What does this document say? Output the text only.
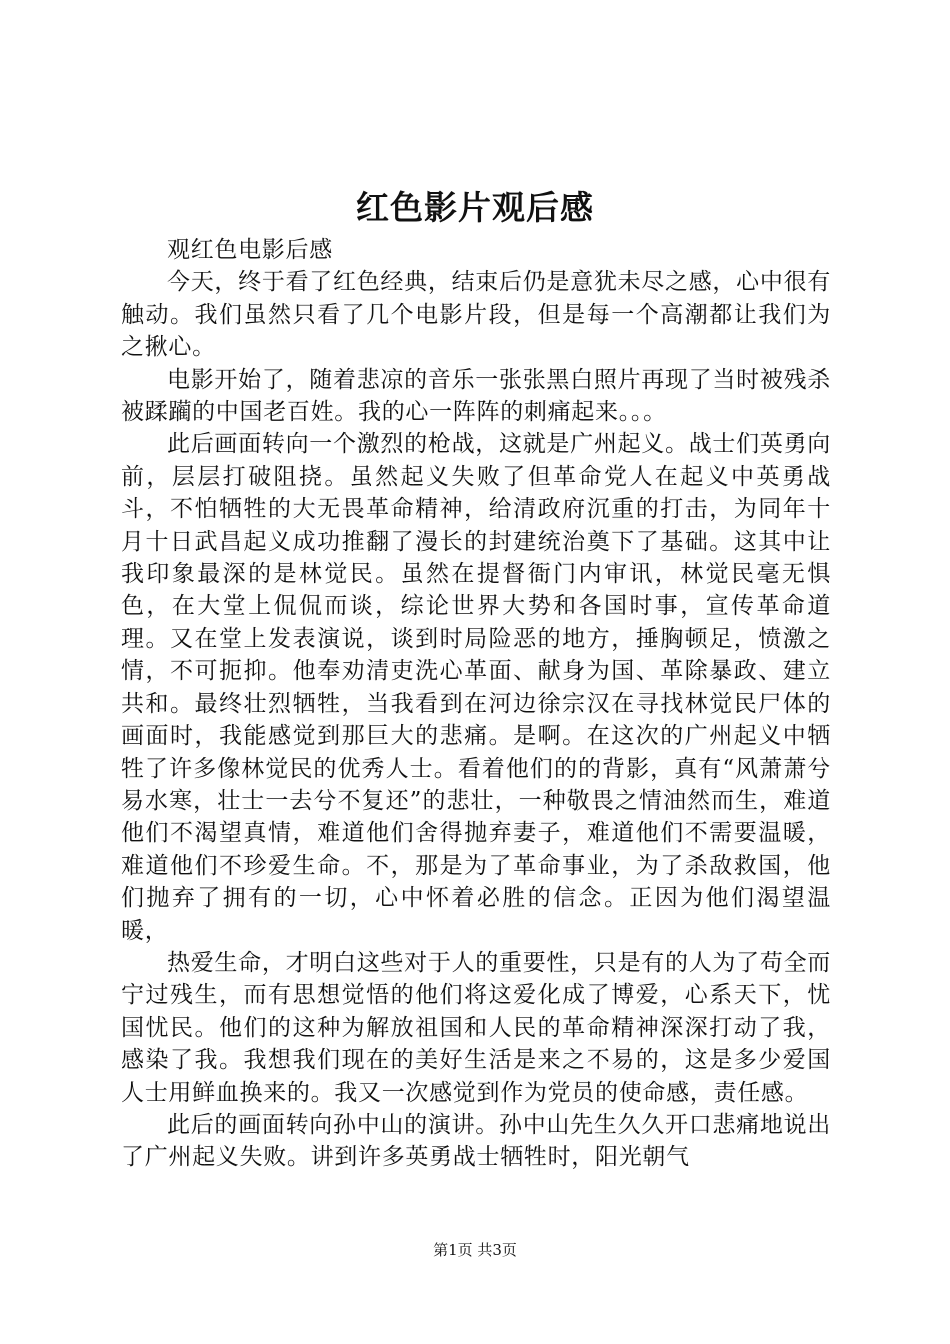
红色影片观后感

观红色电影后感

今天，终于看了红色经典，结束后仍是意犹未尽之感，心中很有触动。我们虽然只看了几个电影片段，但是每一个高潮都让我们为之揪心。

电影开始了，随着悲凉的音乐一张张黑白照片再现了当时被残杀被蹂躏的中国老百姓。我的心一阵阵的刺痛起来。。。

此后画面转向一个激烈的枪战，这就是广州起义。战士们英勇向前，层层打破阻挠。虽然起义失败了但革命党人在起义中英勇战斗，不怕牺牲的大无畏革命精神，给清政府沉重的打击，为同年十月十日武昌起义成功推翻了漫长的封建统治奠下了基础。这其中让我印象最深的是林觉民。虽然在提督衙门内审讯，林觉民毫无惧色，在大堂上侃侃而谈，综论世界大势和各国时事，宣传革命道理。又在堂上发表演说，谈到时局险恶的地方，捶胸顿足，愤激之情，不可扼抑。他奉劝清吏洗心革面、献身为国、革除暴政、建立共和。最终壮烈牺牲，当我看到在河边徐宗汉在寻找林觉民尸体的画面时，我能感觉到那巨大的悲痛。是啊。在这次的广州起义中牺牲了许多像林觉民的优秀人士。看着他们的的背影，真有“风萧萧兮易水寒，壮士一去兮不复还”的悲壮，一种敬畏之情油然而生，难道他们不渴望真情，难道他们舍得抛弃妻子，难道他们不需要温暖，难道他们不珍爱生命。不，那是为了革命事业，为了杀敌救国，他们抛弃了拥有的一切，心中怀着必胜的信念。正因为他们渴望温暖，

热爱生命，才明白这些对于人的重要性，只是有的人为了苟全而宁过残生，而有思想觉悟的他们将这爱化成了博爱，心系天下，忧国忧民。他们的这种为解放祖国和人民的革命精神深深打动了我，感染了我。我想我们现在的美好生活是来之不易的，这是多少爱国人士用鲜血换来的。我又一次感觉到作为党员的使命感，责任感。

此后的画面转向孙中山的演讲。孙中山先生久久开口悲痛地说出了广州起义失败。讲到许多英勇战士牺牲时，阳光朝气

第1页 共3页
